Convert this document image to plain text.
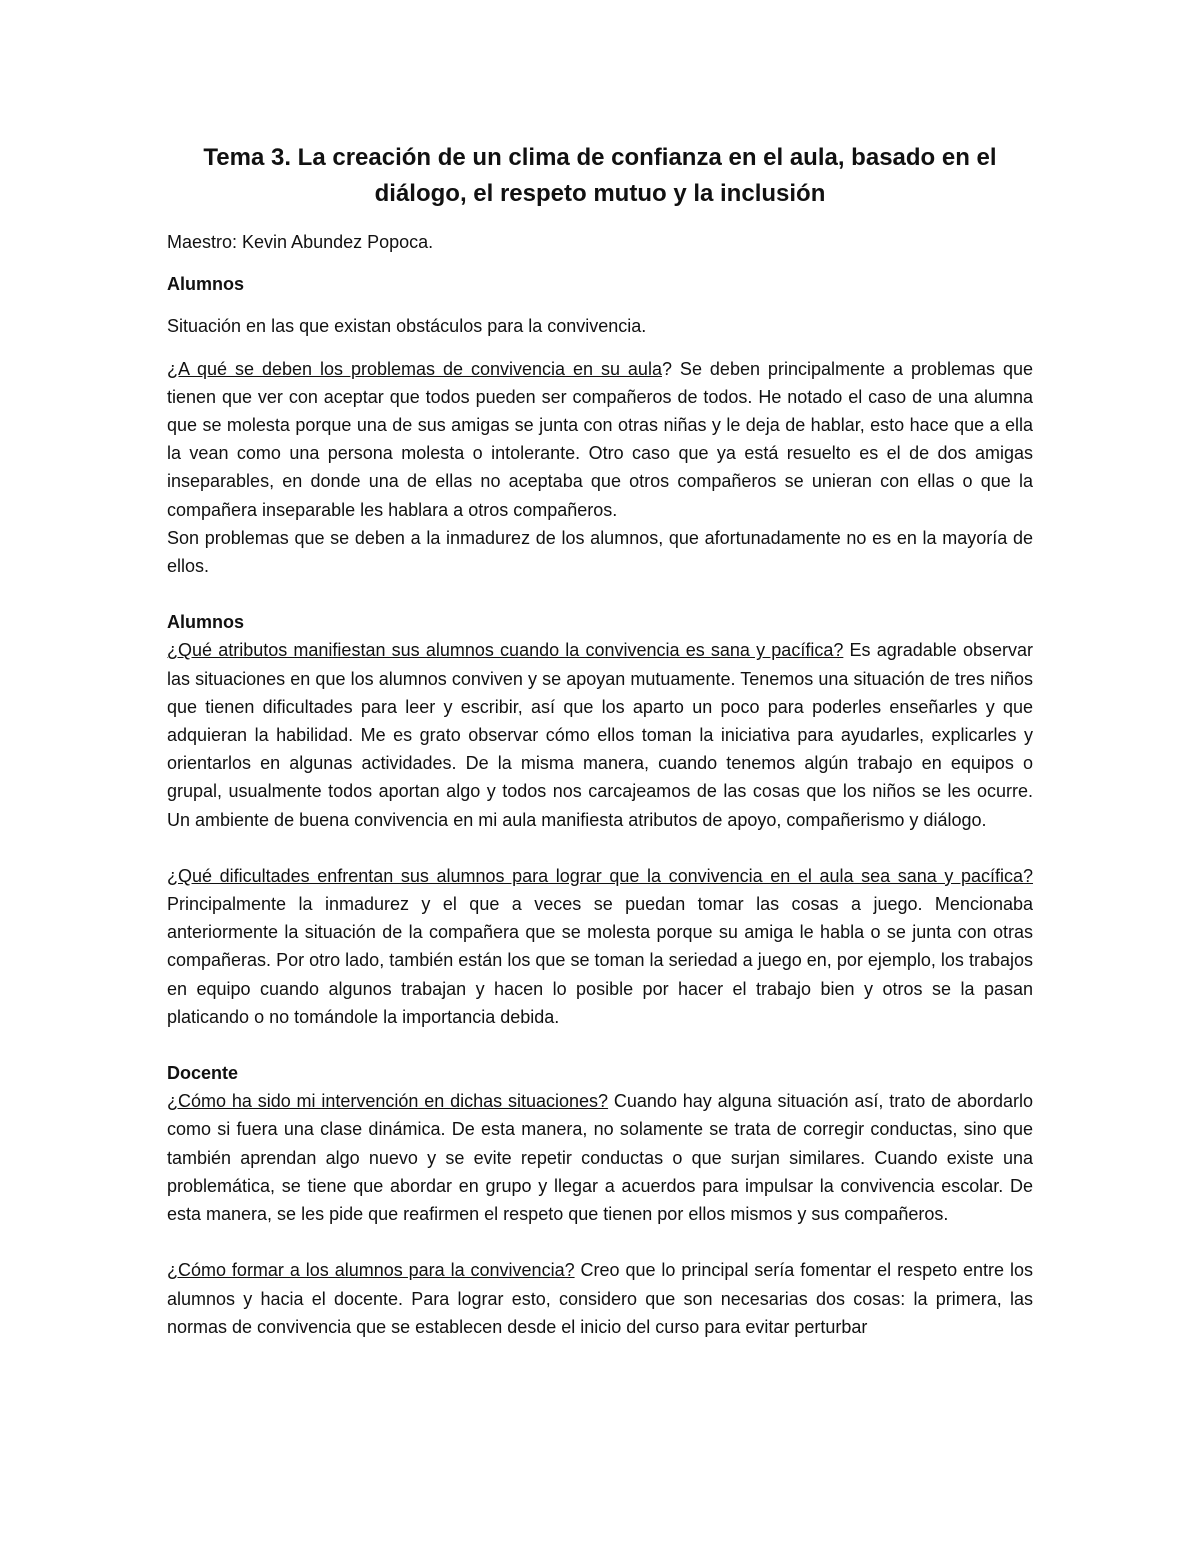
Tema 3. La creación de un clima de confianza en el aula, basado en el
diálogo, el respeto mutuo y la inclusión

Maestro: Kevin Abundez Popoca.

Alumnos

Situación en las que existan obstáculos para la convivencia.

¿A qué se deben los problemas de convivencia en su aula? Se deben principalmente a problemas que tienen que ver con aceptar que todos pueden ser compañeros de todos. He notado el caso de una alumna que se molesta porque una de sus amigas se junta con otras niñas y le deja de hablar, esto hace que a ella la vean como una persona molesta o intolerante. Otro caso que ya está resuelto es el de dos amigas inseparables, en donde una de ellas no aceptaba que otros compañeros se unieran con ellas o que la compañera inseparable les hablara a otros compañeros.

Son problemas que se deben a la inmadurez de los alumnos, que afortunadamente no es en la mayoría de ellos.

Alumnos

¿Qué atributos manifiestan sus alumnos cuando la convivencia es sana y pacífica? Es agradable observar las situaciones en que los alumnos conviven y se apoyan mutuamente. Tenemos una situación de tres niños que tienen dificultades para leer y escribir, así que los aparto un poco para poderles enseñarles y que adquieran la habilidad. Me es grato observar cómo ellos toman la iniciativa para ayudarles, explicarles y orientarlos en algunas actividades. De la misma manera, cuando tenemos algún trabajo en equipos o grupal, usualmente todos aportan algo y todos nos carcajeamos de las cosas que los niños se les ocurre. Un ambiente de buena convivencia en mi aula manifiesta atributos de apoyo, compañerismo y diálogo.

¿Qué dificultades enfrentan sus alumnos para lograr que la convivencia en el aula sea sana y pacífica? Principalmente la inmadurez y el que a veces se puedan tomar las cosas a juego. Mencionaba anteriormente la situación de la compañera que se molesta porque su amiga le habla o se junta con otras compañeras. Por otro lado, también están los que se toman la seriedad a juego en, por ejemplo, los trabajos en equipo cuando algunos trabajan y hacen lo posible por hacer el trabajo bien y otros se la pasan platicando o no tomándole la importancia debida.

Docente

¿Cómo ha sido mi intervención en dichas situaciones? Cuando hay alguna situación así, trato de abordarlo como si fuera una clase dinámica. De esta manera, no solamente se trata de corregir conductas, sino que también aprendan algo nuevo y se evite repetir conductas o que surjan similares. Cuando existe una problemática, se tiene que abordar en grupo y llegar a acuerdos para impulsar la convivencia escolar. De esta manera, se les pide que reafirmen el respeto que tienen por ellos mismos y sus compañeros.

¿Cómo formar a los alumnos para la convivencia? Creo que lo principal sería fomentar el respeto entre los alumnos y hacia el docente. Para lograr esto, considero que son necesarias dos cosas: la primera, las normas de convivencia que se establecen desde el inicio del curso para evitar perturbar
